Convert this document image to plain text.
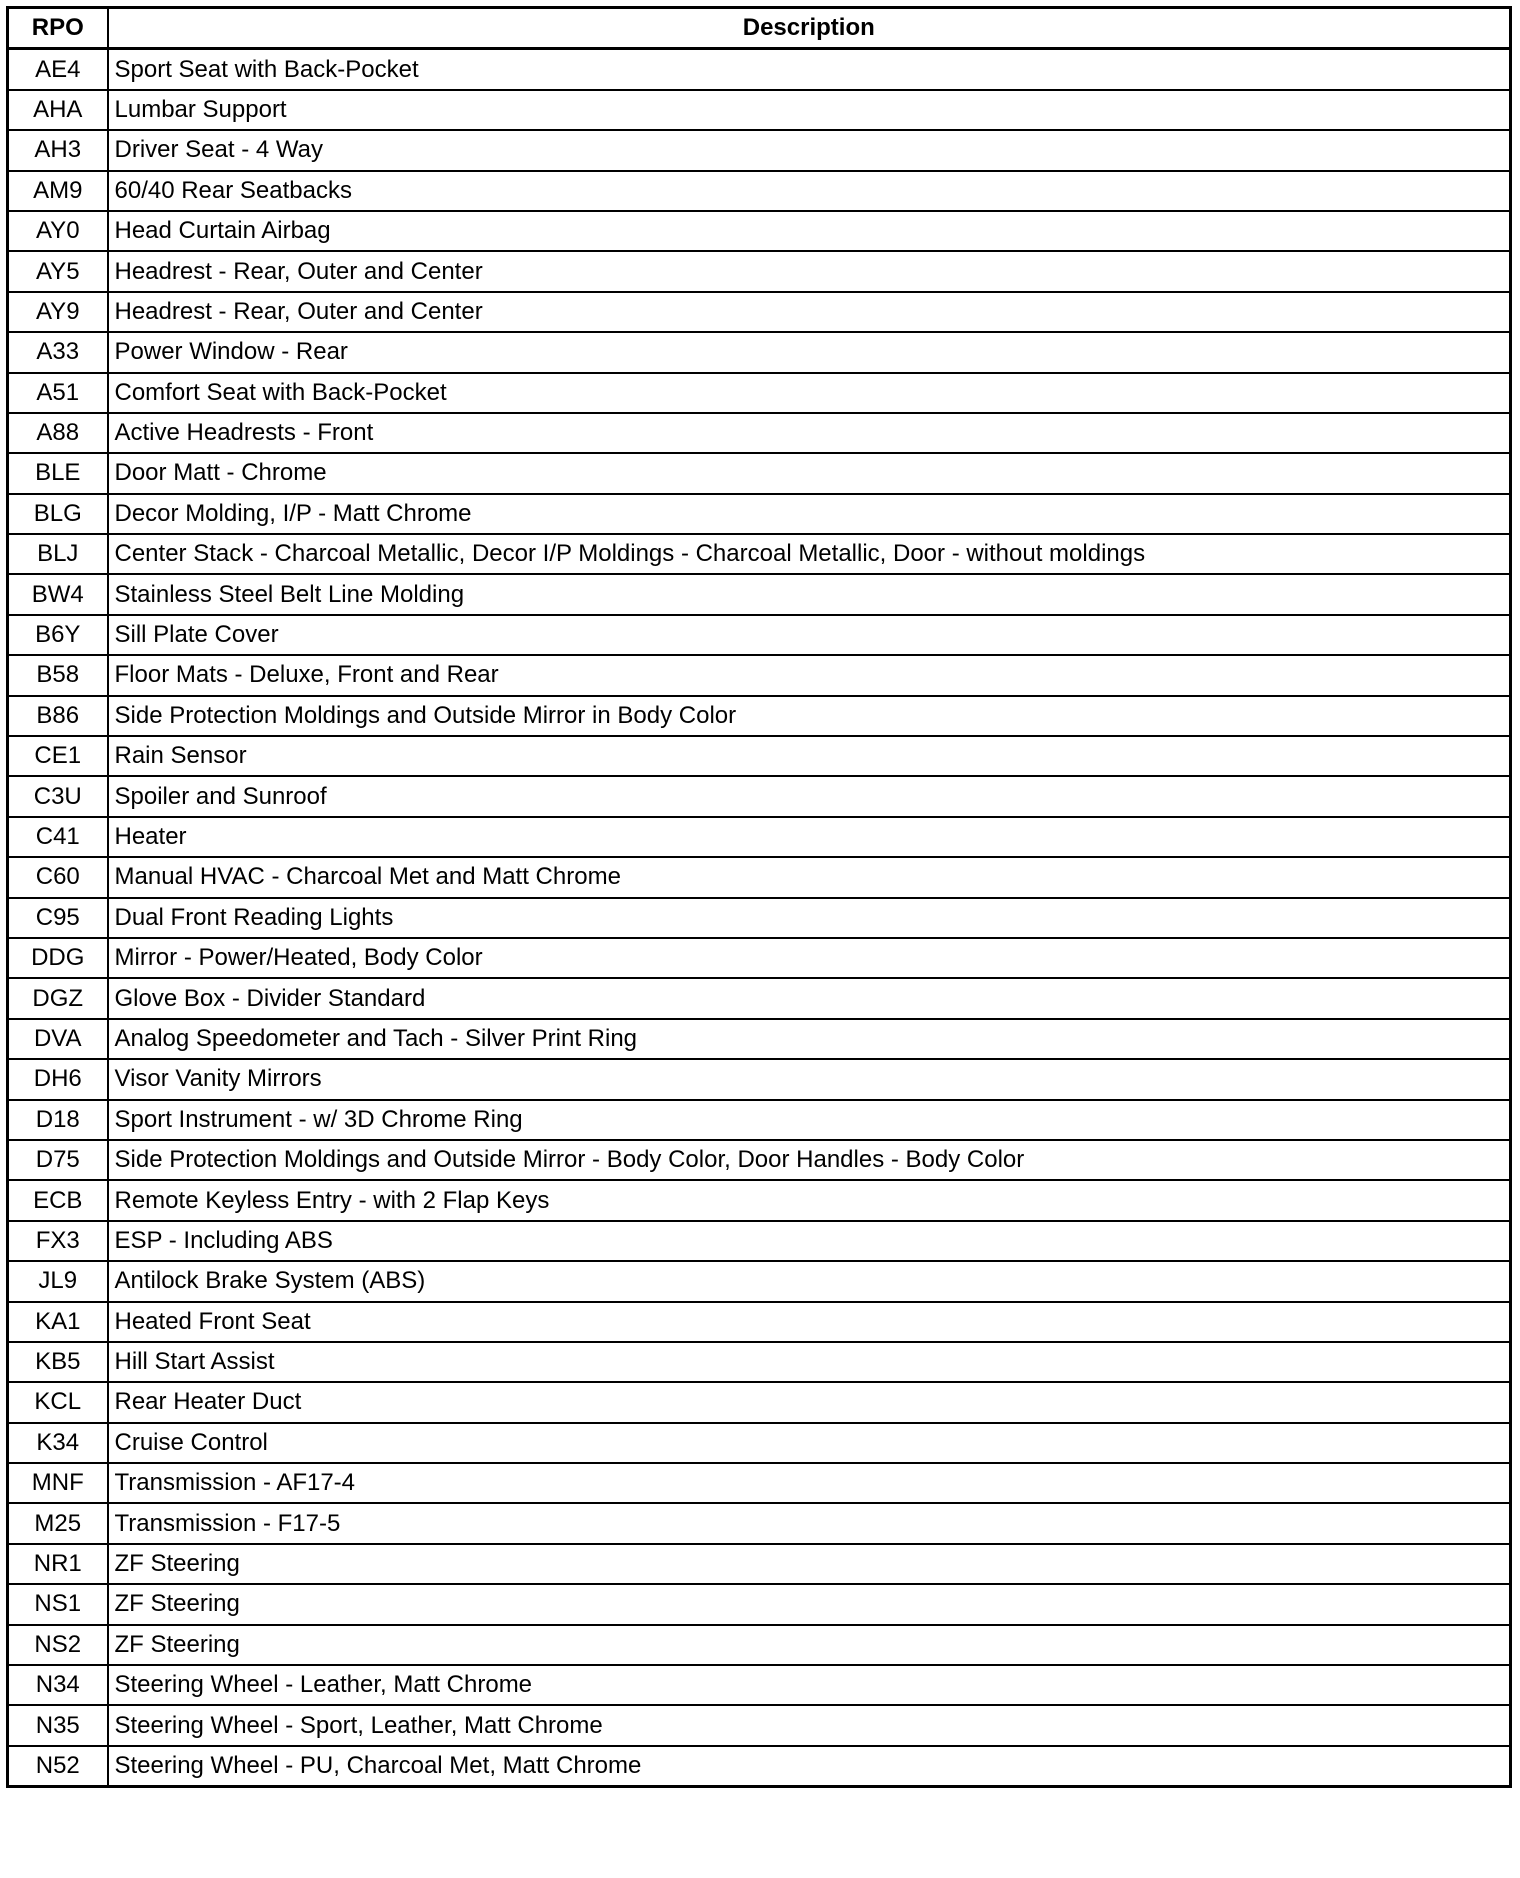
RPO	Description
AE4	Sport Seat with Back-Pocket
AHA	Lumbar Support
AH3	Driver Seat - 4 Way
AM9	60/40 Rear Seatbacks
AY0	Head Curtain Airbag
AY5	Headrest - Rear, Outer and Center
AY9	Headrest - Rear, Outer and Center
A33	Power Window - Rear
A51	Comfort Seat with Back-Pocket
A88	Active Headrests - Front
BLE	Door Matt - Chrome
BLG	Decor Molding, I/P - Matt Chrome
BLJ	Center Stack - Charcoal Metallic, Decor I/P Moldings - Charcoal Metallic, Door - without moldings
BW4	Stainless Steel Belt Line Molding
B6Y	Sill Plate Cover
B58	Floor Mats - Deluxe, Front and Rear
B86	Side Protection Moldings and Outside Mirror in Body Color
CE1	Rain Sensor
C3U	Spoiler and Sunroof
C41	Heater
C60	Manual HVAC - Charcoal Met and Matt Chrome
C95	Dual Front Reading Lights
DDG	Mirror - Power/Heated, Body Color
DGZ	Glove Box - Divider Standard
DVA	Analog Speedometer and Tach - Silver Print Ring
DH6	Visor Vanity Mirrors
D18	Sport Instrument - w/ 3D Chrome Ring
D75	Side Protection Moldings and Outside Mirror - Body Color, Door Handles - Body Color
ECB	Remote Keyless Entry - with 2 Flap Keys
FX3	ESP - Including ABS
JL9	Antilock Brake System (ABS)
KA1	Heated Front Seat
KB5	Hill Start Assist
KCL	Rear Heater Duct
K34	Cruise Control
MNF	Transmission - AF17-4
M25	Transmission - F17-5
NR1	ZF Steering
NS1	ZF Steering
NS2	ZF Steering
N34	Steering Wheel - Leather, Matt Chrome
N35	Steering Wheel - Sport, Leather, Matt Chrome
N52	Steering Wheel - PU, Charcoal Met, Matt Chrome
